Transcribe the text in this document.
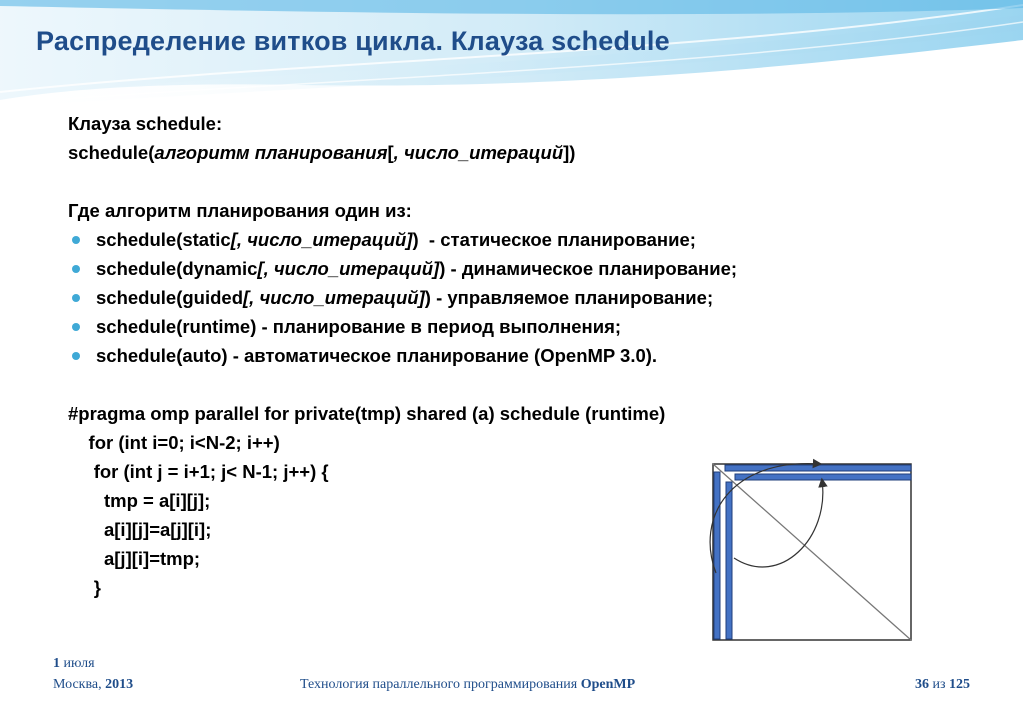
Распределение витков цикла. Клауза schedule
Клауза schedule:
schedule(алгоритм планирования[, число_итераций])
Где алгоритм планирования один из:
schedule(static[, число_итераций])  - статическое планирование;
schedule(dynamic[, число_итераций]) - динамическое планирование;
schedule(guided[, число_итераций]) - управляемое планирование;
schedule(runtime) - планирование в период выполнения;
schedule(auto) - автоматическое планирование (OpenMP 3.0).
#pragma omp parallel for private(tmp) shared (a) schedule (runtime)
for (int i=0; i<N-2; i++)
for (int j = i+1; j< N-1; j++) {
tmp = a[i][j];
a[i][j]=a[j][i];
a[j][i]=tmp;
}
1 июля
Москва, 2013	Технология параллельного программирования OpenMP	36 из 125
